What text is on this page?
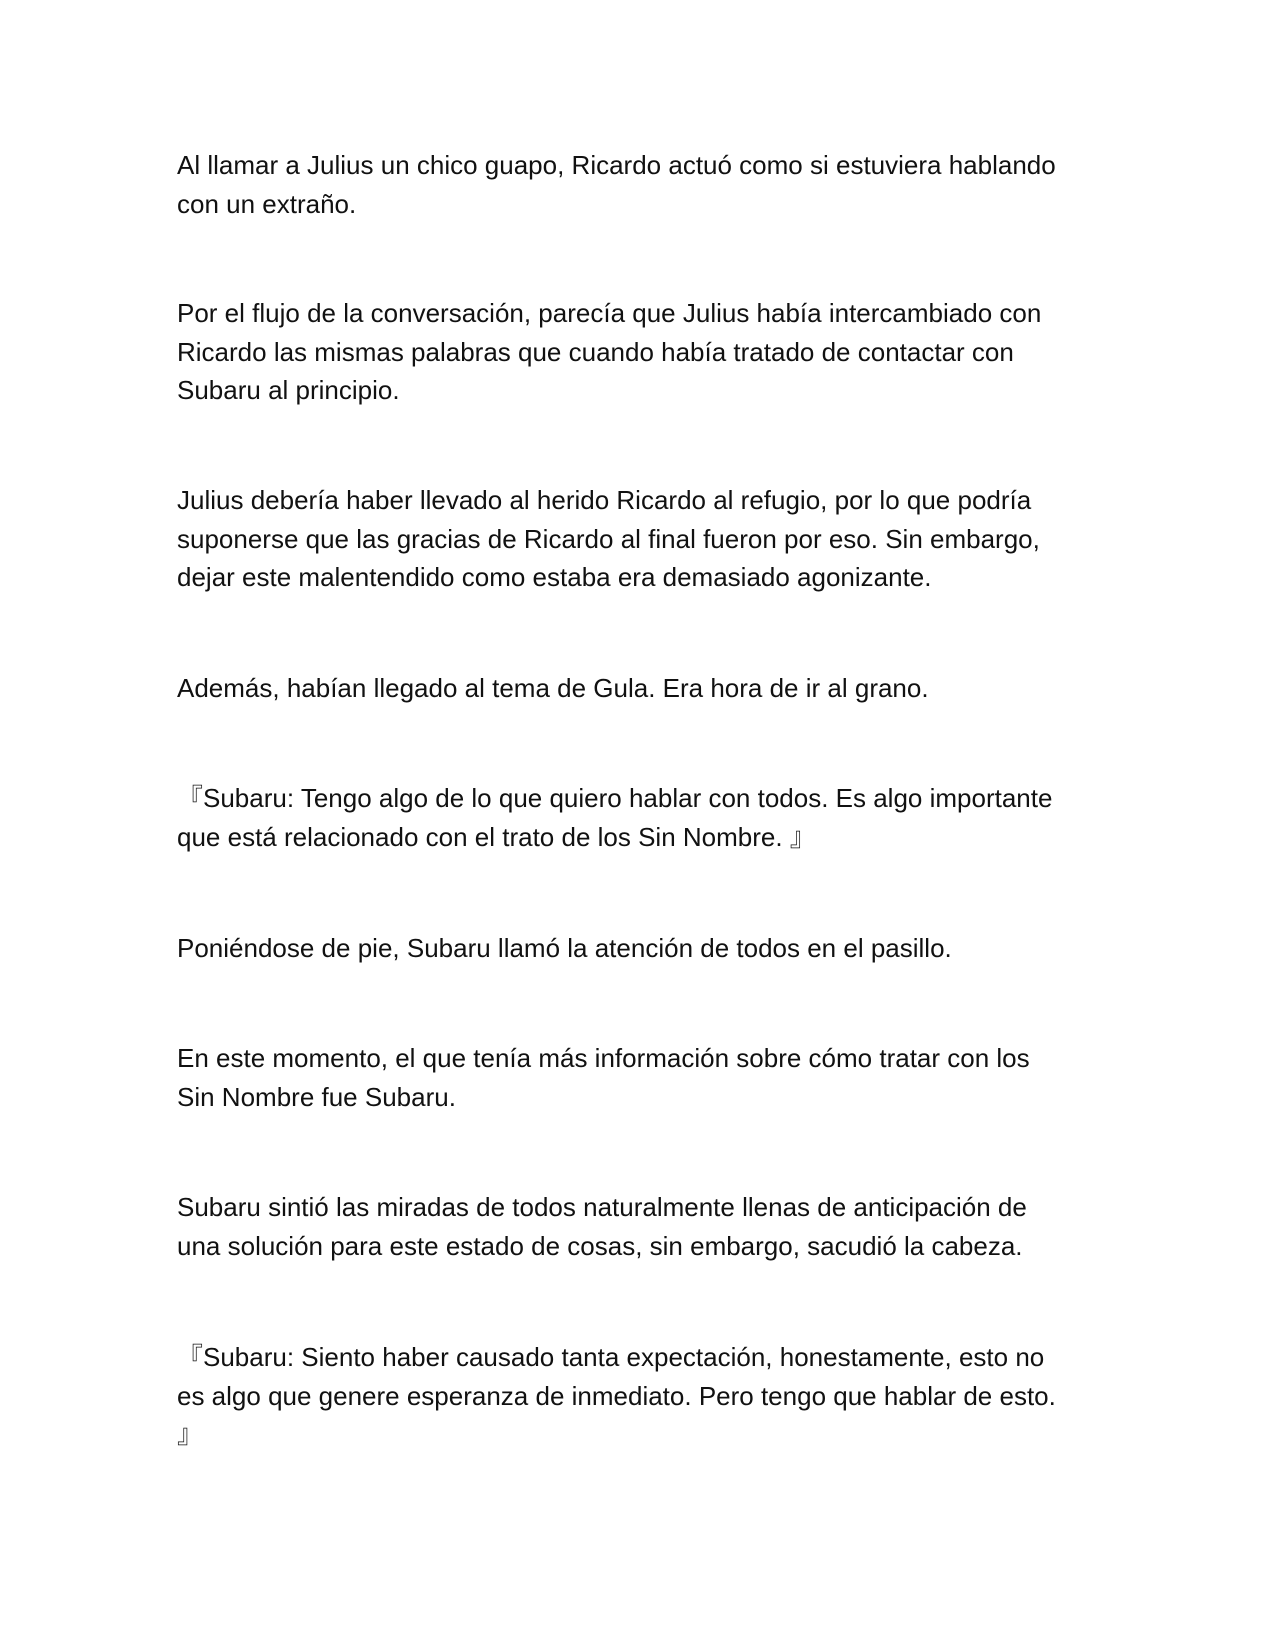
Al llamar a Julius un chico guapo, Ricardo actuó como si estuviera hablando
con un extraño.

Por el flujo de la conversación, parecía que Julius había intercambiado con
Ricardo las mismas palabras que cuando había tratado de contactar con
Subaru al principio.

Julius debería haber llevado al herido Ricardo al refugio, por lo que podría
suponerse que las gracias de Ricardo al final fueron por eso. Sin embargo,
dejar este malentendido como estaba era demasiado agonizante.

Además, habían llegado al tema de Gula. Era hora de ir al grano.

『Subaru: Tengo algo de lo que quiero hablar con todos. Es algo importante
que está relacionado con el trato de los Sin Nombre. 』

Poniéndose de pie, Subaru llamó la atención de todos en el pasillo.

En este momento, el que tenía más información sobre cómo tratar con los
Sin Nombre fue Subaru.

Subaru sintió las miradas de todos naturalmente llenas de anticipación de
una solución para este estado de cosas, sin embargo, sacudió la cabeza.

『Subaru: Siento haber causado tanta expectación, honestamente, esto no
es algo que genere esperanza de inmediato. Pero tengo que hablar de esto.
』
